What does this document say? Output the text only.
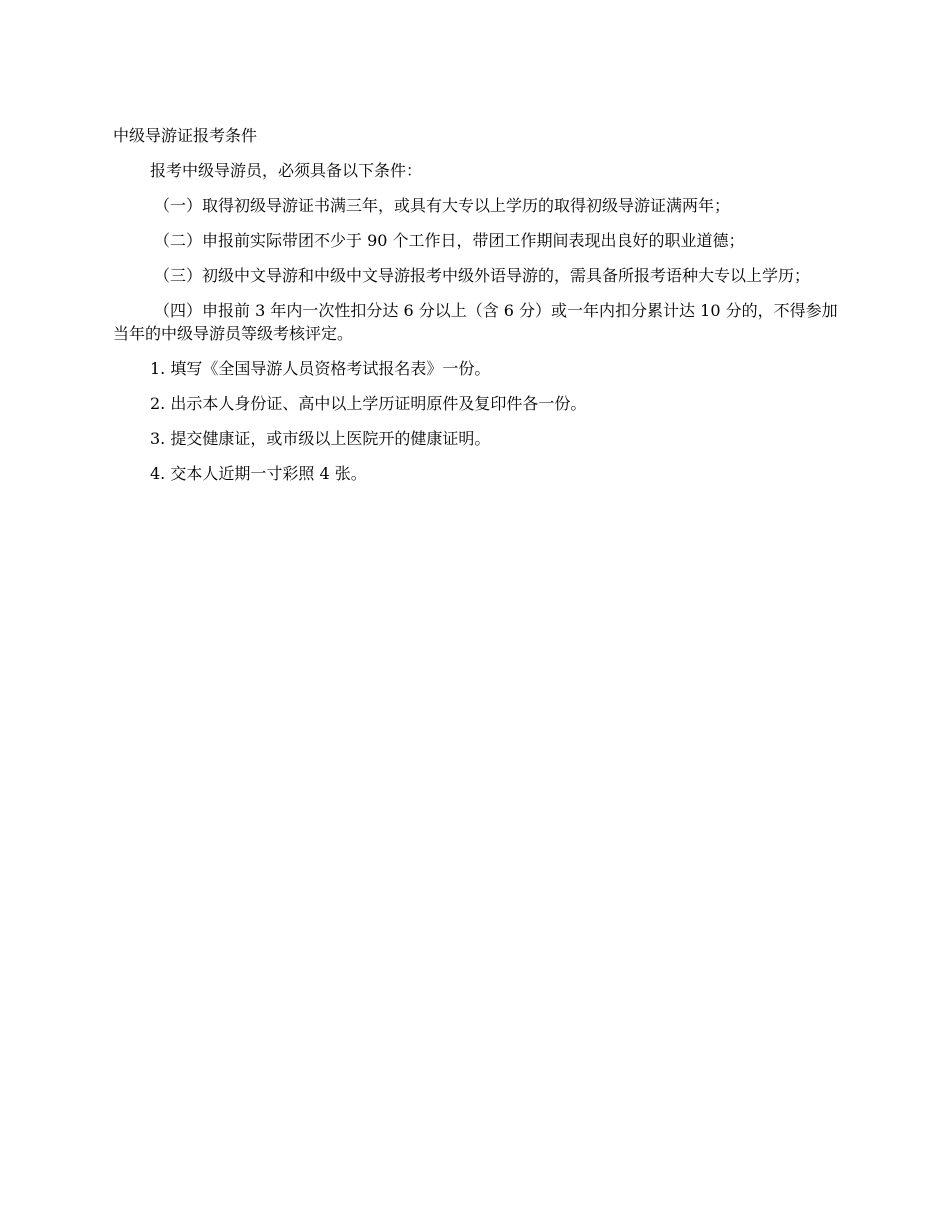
中级导游证报考条件

报考中级导游员，必须具备以下条件：

（一）取得初级导游证书满三年，或具有大专以上学历的取得初级导游证满两年；

（二）申报前实际带团不少于 90 个工作日，带团工作期间表现出良好的职业道德；

（三）初级中文导游和中级中文导游报考中级外语导游的，需具备所报考语种大专以上学历；

（四）申报前 3 年内一次性扣分达 6 分以上（含 6 分）或一年内扣分累计达 10 分的，不得参加当年的中级导游员等级考核评定。

1. 填写《全国导游人员资格考试报名表》一份。

2. 出示本人身份证、高中以上学历证明原件及复印件各一份。

3. 提交健康证，或市级以上医院开的健康证明。

4. 交本人近期一寸彩照 4 张。
